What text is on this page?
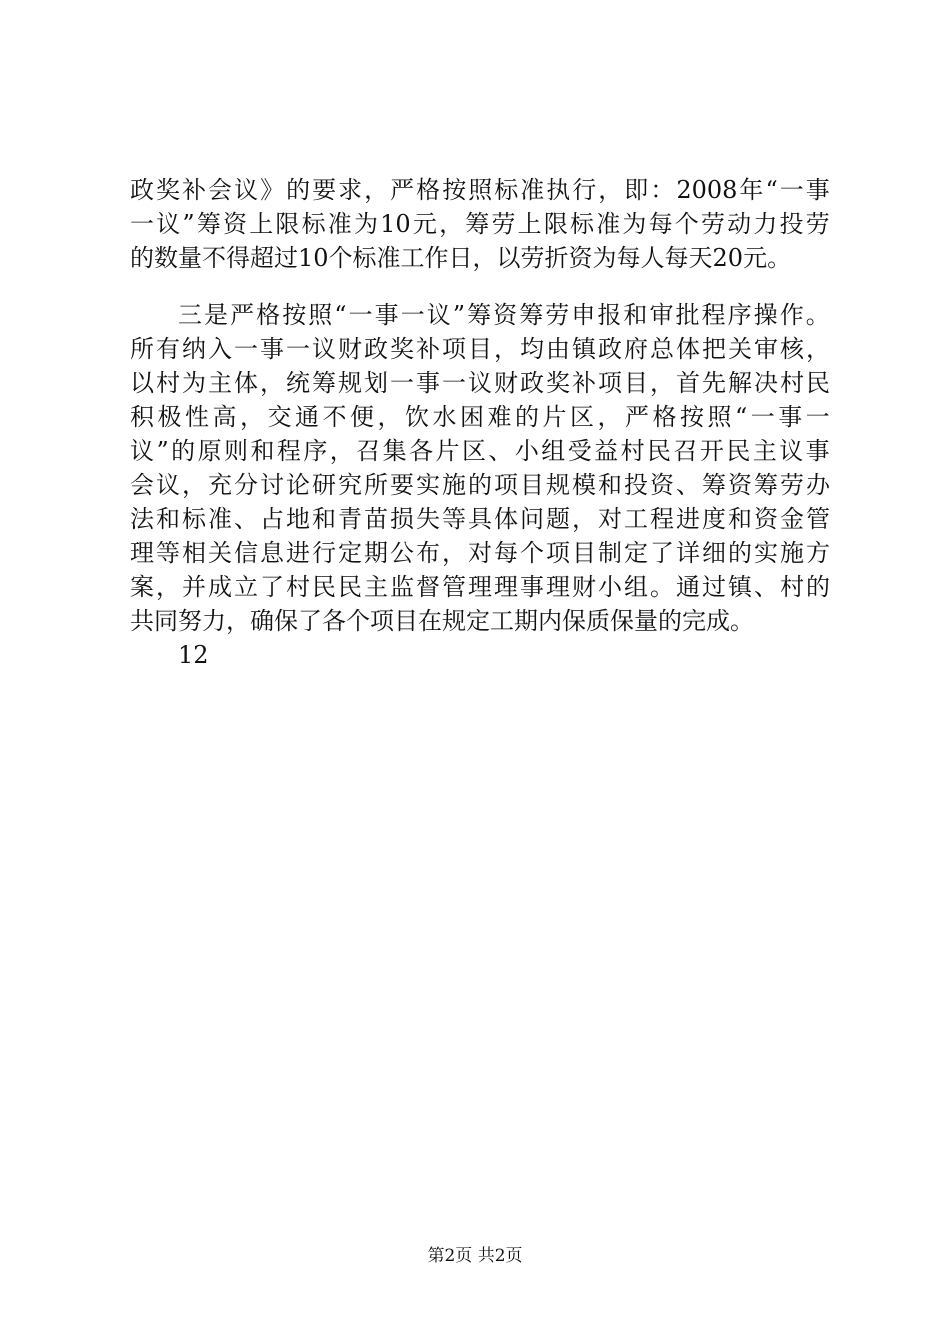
政 奖 补 会 议 》 的 要 求 ， 严 格 按 照 标 准 执 行 ， 即 ： 2008 年 “ 一 事
一 议 ” 筹 资 上 限 标 准 为 10 元 ， 筹 劳 上 限 标 准 为 每 个 劳 动 力 投 劳
的数量不得超过10个标准工作日，以劳折资为每人每天20元。
三 是 严 格 按 照 “ 一 事 一 议 ” 筹 资 筹 劳 申 报 和 审 批 程 序 操 作 。
所 有 纳 入 一 事 一 议 财 政 奖 补 项 目 ， 均 由 镇 政 府 总 体 把 关 审 核 ，
以 村 为 主 体 ， 统 筹 规 划 一 事 一 议 财 政 奖 补 项 目 ， 首 先 解 决 村 民
积 极 性 高 ， 交 通 不 便 ， 饮 水 困 难 的 片 区 ， 严 格 按 照 “ 一 事 一
议 ” 的 原 则 和 程 序 ， 召 集 各 片 区 、 小 组 受 益 村 民 召 开 民 主 议 事
会 议 ， 充 分 讨 论 研 究 所 要 实 施 的 项 目 规 模 和 投 资 、 筹 资 筹 劳 办
法 和 标 准 、 占 地 和 青 苗 损 失 等 具 体 问 题 ， 对 工 程 进 度 和 资 金 管
理 等 相 关 信 息 进 行 定 期 公 布 ， 对 每 个 项 目 制 定 了 详 细 的 实 施 方
案 ， 并 成 立 了 村 民 民 主 监 督 管 理 理 事 理 财 小 组 。 通 过 镇 、 村 的
共同努力，确保了各个项目在规定工期内保质保量的完成。
12
第2页 共2页
